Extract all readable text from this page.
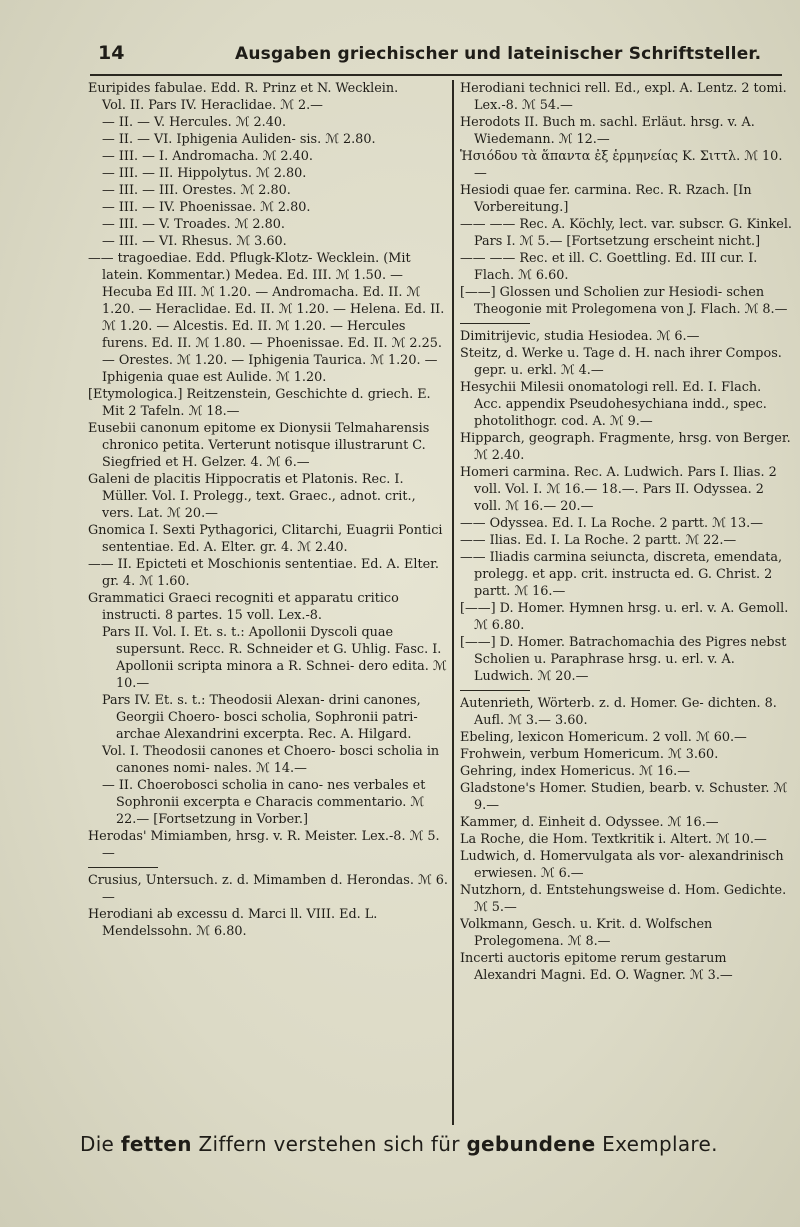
14	Ausgaben griechischer und lateinischer Schriftsteller.

Euripides fabulae. Edd. R. Prinz et N. Wecklein.

Vol. II. Pars IV. Heraclidae. ℳ 2.—

— II. — V. Hercules. ℳ 2.40.

— II. — VI. Iphigenia Auliden- sis. ℳ 2.80.

— III. — I. Andromacha. ℳ 2.40.

— III. — II. Hippolytus. ℳ 2.80.

— III. — III. Orestes. ℳ 2.80.

— III. — IV. Phoenissae. ℳ 2.80.

— III. — V. Troades. ℳ 2.80.

— III. — VI. Rhesus. ℳ 3.60.

—— tragoediae. Edd. Pflugk-Klotz- Wecklein. (Mit latein. Kommentar.) Medea. Ed. III. ℳ 1.50. — Hecuba Ed III. ℳ 1.20. — Andromacha. Ed. II. ℳ 1.20. — Heraclidae. Ed. II. ℳ 1.20. — Helena. Ed. II. ℳ 1.20. — Alcestis. Ed. II. ℳ 1.20. — Hercules furens. Ed. II. ℳ 1.80. — Phoenissae. Ed. II. ℳ 2.25. — Orestes. ℳ 1.20. — Iphigenia Taurica. ℳ 1.20. — Iphigenia quae est Aulide. ℳ 1.20.

[Etymologica.] Reitzenstein, Geschichte d. griech. E. Mit 2 Tafeln. ℳ 18.—

Eusebii canonum epitome ex Dionysii Telmaharensis chronico petita. Verterunt notisque illustrarunt C. Siegfried et H. Gelzer. 4. ℳ 6.—

Galeni de placitis Hippocratis et Platonis. Rec. I. Müller. Vol. I. Prolegg., text. Graec., adnot. crit., vers. Lat. ℳ 20.—

Gnomica I. Sexti Pythagorici, Clitarchi, Euagrii Pontici sententiae. Ed. A. Elter. gr. 4. ℳ 2.40.

—— II. Epicteti et Moschionis sententiae. Ed. A. Elter. gr. 4. ℳ 1.60.

Grammatici Graeci recogniti et apparatu critico instructi. 8 partes. 15 voll. Lex.-8.

Pars II. Vol. I. Et. s. t.: Apollonii Dyscoli quae supersunt. Recc. R. Schneider et G. Uhlig. Fasc. I. Apollonii scripta minora a R. Schnei- dero edita. ℳ 10.—

Pars IV. Et. s. t.: Theodosii Alexan- drini canones, Georgii Choero- bosci scholia, Sophronii patri- archae Alexandrini excerpta. Rec. A. Hilgard.

Vol. I. Theodosii canones et Choero- bosci scholia in canones nomi- nales. ℳ 14.—

— II. Choerobosci scholia in cano- nes verbales et Sophronii excerpta e Characis commentario. ℳ 22.— [Fortsetzung in Vorber.]

Herodas' Mimiamben, hrsg. v. R. Meister. Lex.-8. ℳ 5.—

Crusius, Untersuch. z. d. Mimamben d. Herondas. ℳ 6.—

Herodiani ab excessu d. Marci ll. VIII. Ed. L. Mendelssohn. ℳ 6.80.

Herodiani technici rell. Ed., expl. A. Lentz. 2 tomi. Lex.-8. ℳ 54.—

Herodots II. Buch m. sachl. Erläut. hrsg. v. A. Wiedemann. ℳ 12.—

Ἡσιόδου τὰ ἅπαντα ἐξ ἑρμηνείας Κ. Σιττλ. ℳ 10.—

Hesiodi quae fer. carmina. Rec. R. Rzach. [In Vorbereitung.]

—— —— Rec. A. Köchly, lect. var. subscr. G. Kinkel. Pars I. ℳ 5.— [Fortsetzung erscheint nicht.]

—— —— Rec. et ill. C. Goettling. Ed. III cur. I. Flach. ℳ 6.60.

[——] Glossen und Scholien zur Hesiodi- schen Theogonie mit Prolegomena von J. Flach. ℳ 8.—

Dimitrijevic, studia Hesiodea. ℳ 6.—

Steitz, d. Werke u. Tage d. H. nach ihrer Compos. gepr. u. erkl. ℳ 4.—

Hesychii Milesii onomatologi rell. Ed. I. Flach. Acc. appendix Pseudohesychiana indd., spec. photolithogr. cod. A. ℳ 9.—

Hipparch, geograph. Fragmente, hrsg. von Berger. ℳ 2.40.

Homeri carmina. Rec. A. Ludwich. Pars I. Ilias. 2 voll. Vol. I. ℳ 16.— 18.—. Pars II. Odyssea. 2 voll. ℳ 16.— 20.—

—— Odyssea. Ed. I. La Roche. 2 partt. ℳ 13.—

—— Ilias. Ed. I. La Roche. 2 partt. ℳ 22.—

—— Iliadis carmina seiuncta, discreta, emendata, prolegg. et app. crit. instructa ed. G. Christ. 2 partt. ℳ 16.—

[——] D. Homer. Hymnen hrsg. u. erl. v. A. Gemoll. ℳ 6.80.

[——] D. Homer. Batrachomachia des Pigres nebst Scholien u. Paraphrase hrsg. u. erl. v. A. Ludwich. ℳ 20.—

Autenrieth, Wörterb. z. d. Homer. Ge- dichten. 8. Aufl. ℳ 3.— 3.60.

Ebeling, lexicon Homericum. 2 voll. ℳ 60.—

Frohwein, verbum Homericum. ℳ 3.60.

Gehring, index Homericus. ℳ 16.—

Gladstone's Homer. Studien, bearb. v. Schuster. ℳ 9.—

Kammer, d. Einheit d. Odyssee. ℳ 16.—

La Roche, die Hom. Textkritik i. Altert. ℳ 10.—

Ludwich, d. Homervulgata als vor- alexandrinisch erwiesen. ℳ 6.—

Nutzhorn, d. Entstehungsweise d. Hom. Gedichte. ℳ 5.—

Volkmann, Gesch. u. Krit. d. Wolfschen Prolegomena. ℳ 8.—

Incerti auctoris epitome rerum gestarum Alexandri Magni. Ed. O. Wagner. ℳ 3.—

Die fetten Ziffern verstehen sich für gebundene Exemplare.
